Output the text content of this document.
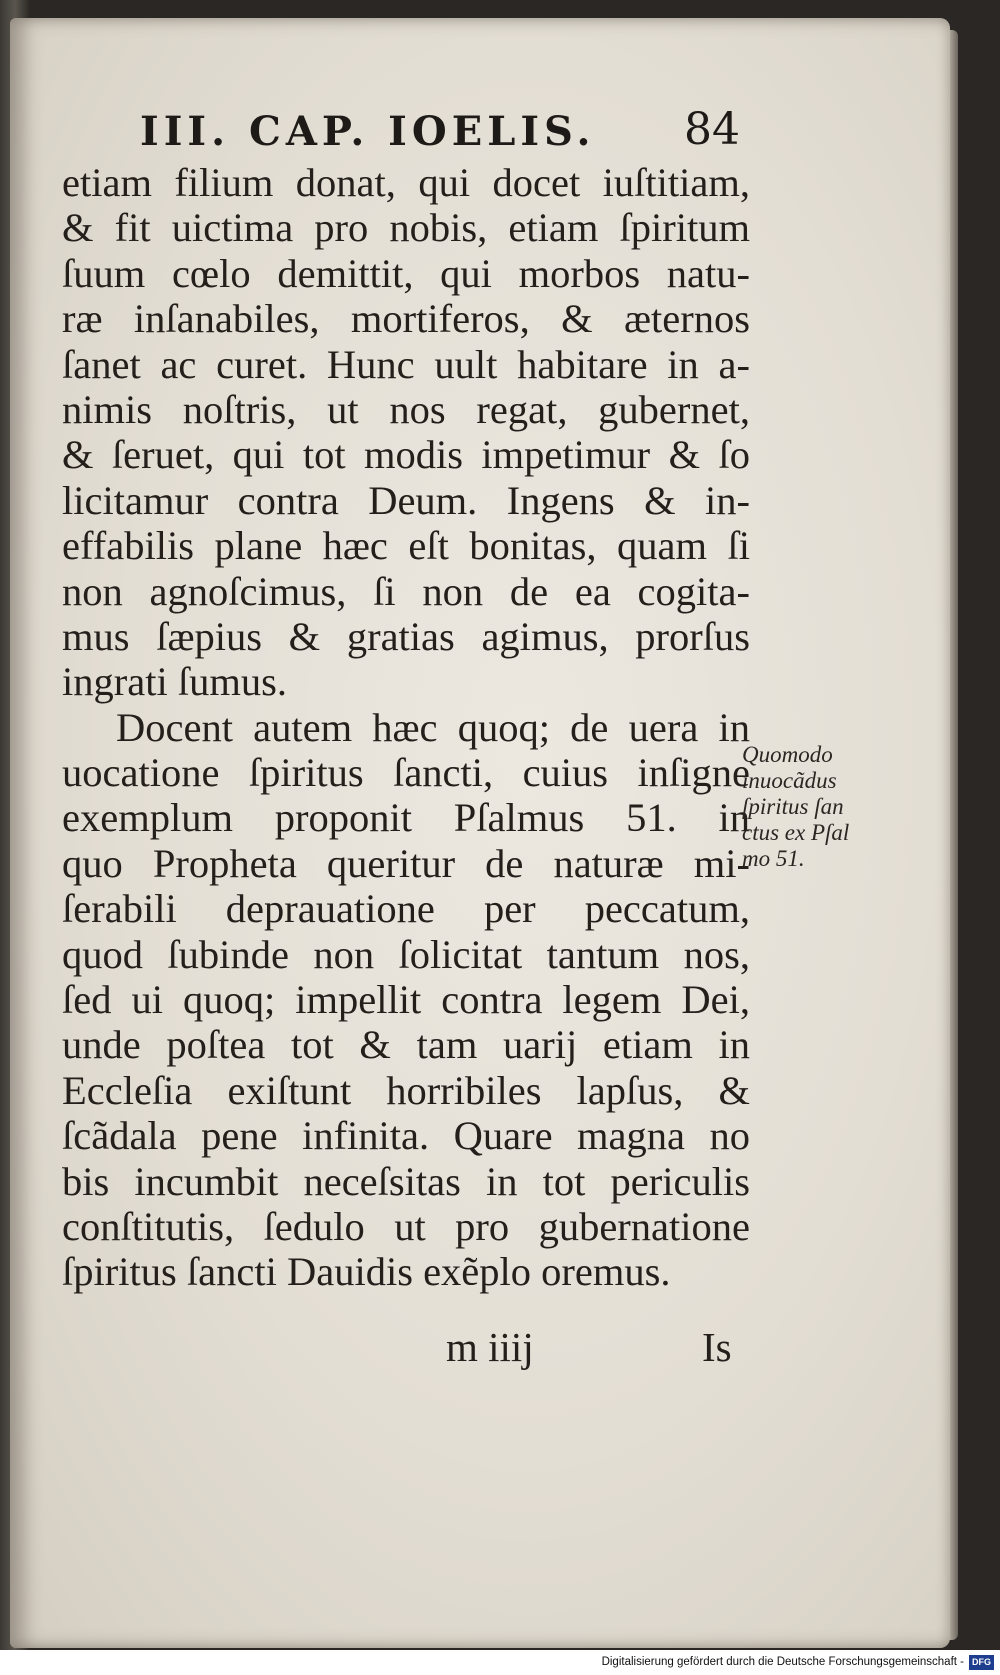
III. CAP. IOELIS. 84
etiam filium donat, qui docet iuſtitiam,
& fit uictima pro nobis, etiam ſpiritum
ſuum cœlo demittit, qui morbos natu-
ræ inſanabiles, mortiferos, & æternos
ſanet ac curet. Hunc uult habitare in a-
nimis noſtris, ut nos regat, gubernet,
& ſeruet, qui tot modis impetimur & ſo
licitamur contra Deum. Ingens & in-
effabilis plane hæc eſt bonitas, quam ſi
non agnoſcimus, ſi non de ea cogita-
mus ſæpius & gratias agimus, prorſus
ingrati ſumus.
Docent autem hæc quoq; de uera in
uocatione ſpiritus ſancti, cuius inſigne
exemplum proponit Pſalmus 51. in
quo Propheta queritur de naturæ mi-
ſerabili deprauatione per peccatum,
quod ſubinde non ſolicitat tantum nos,
ſed ui quoq; impellit contra legem Dei,
unde poſtea tot & tam uarij etiam in
Eccleſia exiſtunt horribiles lapſus, &
ſcãdala pene infinita. Quare magna no
bis incumbit neceſsitas in tot periculis
conſtitutis, ſedulo ut pro gubernatione
ſpiritus ſancti Dauidis exẽplo oremus.
Quomodo
inuocãdus
ſpiritus ſan
ctus ex Pſal
mo 51.
m iiij	Is
Digitalisierung gefördert durch die Deutsche Forschungsgemeinschaft - DFG
